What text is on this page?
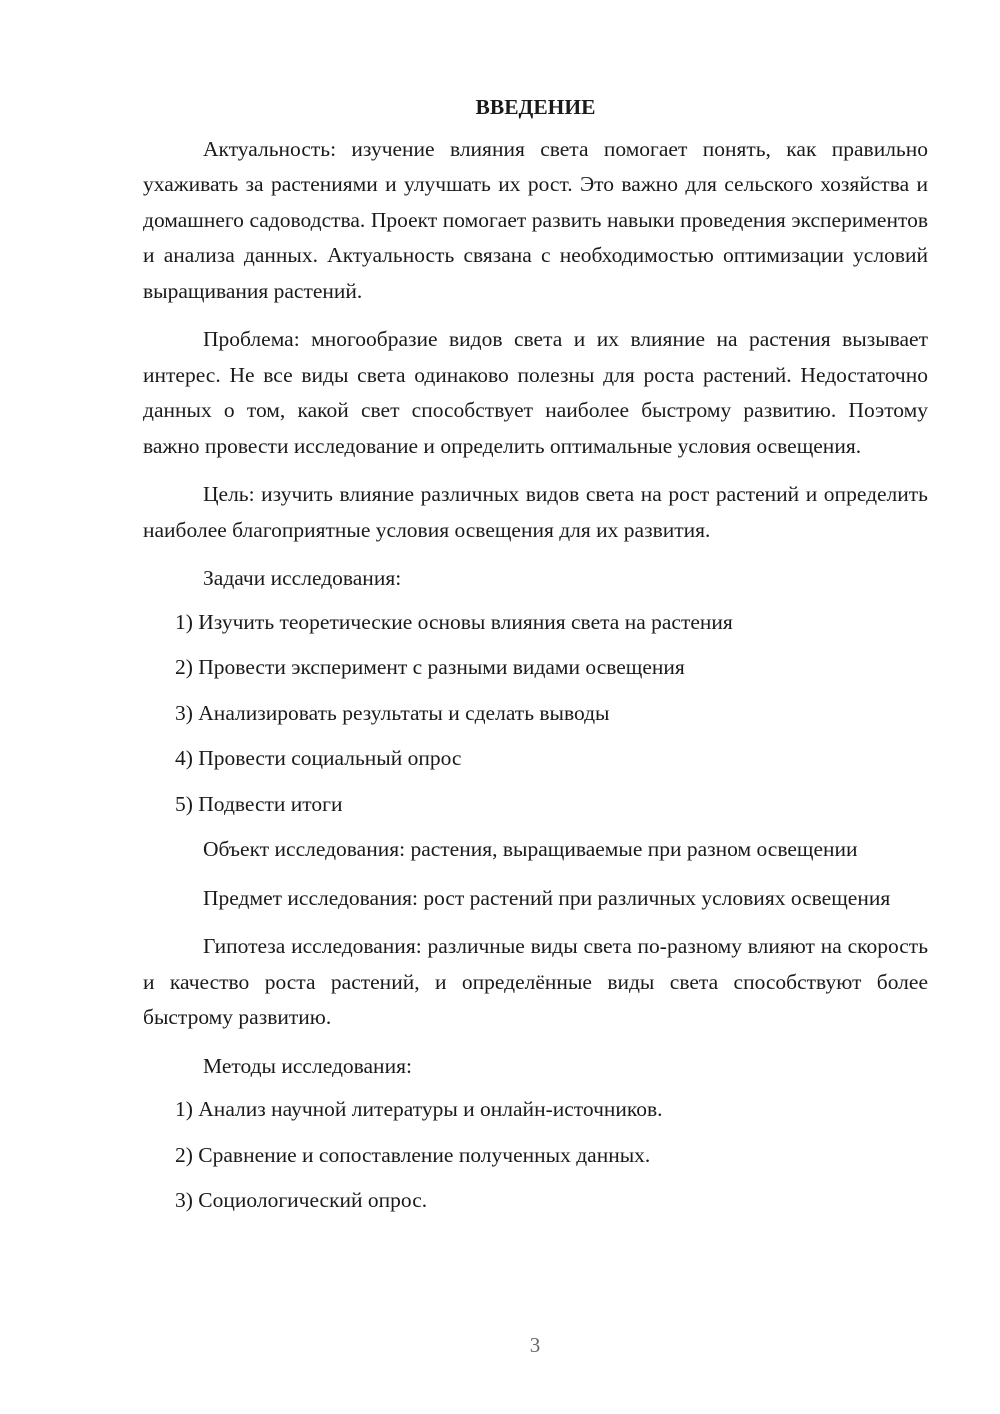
ВВЕДЕНИЕ

Актуальность: изучение влияния света помогает понять, как правильно ухаживать за растениями и улучшать их рост. Это важно для сельского хозяйства и домашнего садоводства. Проект помогает развить навыки проведения экспериментов и анализа данных. Актуальность связана с необходимостью оптимизации условий выращивания растений.

Проблема: многообразие видов света и их влияние на растения вызывает интерес. Не все виды света одинаково полезны для роста растений. Недостаточно данных о том, какой свет способствует наиболее быстрому развитию. Поэтому важно провести исследование и определить оптимальные условия освещения.

Цель: изучить влияние различных видов света на рост растений и определить наиболее благоприятные условия освещения для их развития.

Задачи исследования:

1) Изучить теоретические основы влияния света на растения

2) Провести эксперимент с разными видами освещения

3) Анализировать результаты и сделать выводы

4) Провести социальный опрос

5) Подвести итоги

Объект исследования: растения, выращиваемые при разном освещении

Предмет исследования: рост растений при различных условиях освещения

Гипотеза исследования: различные виды света по-разному влияют на скорость и качество роста растений, и определённые виды света способствуют более быстрому развитию.

Методы исследования:

1) Анализ научной литературы и онлайн-источников.

2) Сравнение и сопоставление полученных данных.

3) Социологический опрос.

3
